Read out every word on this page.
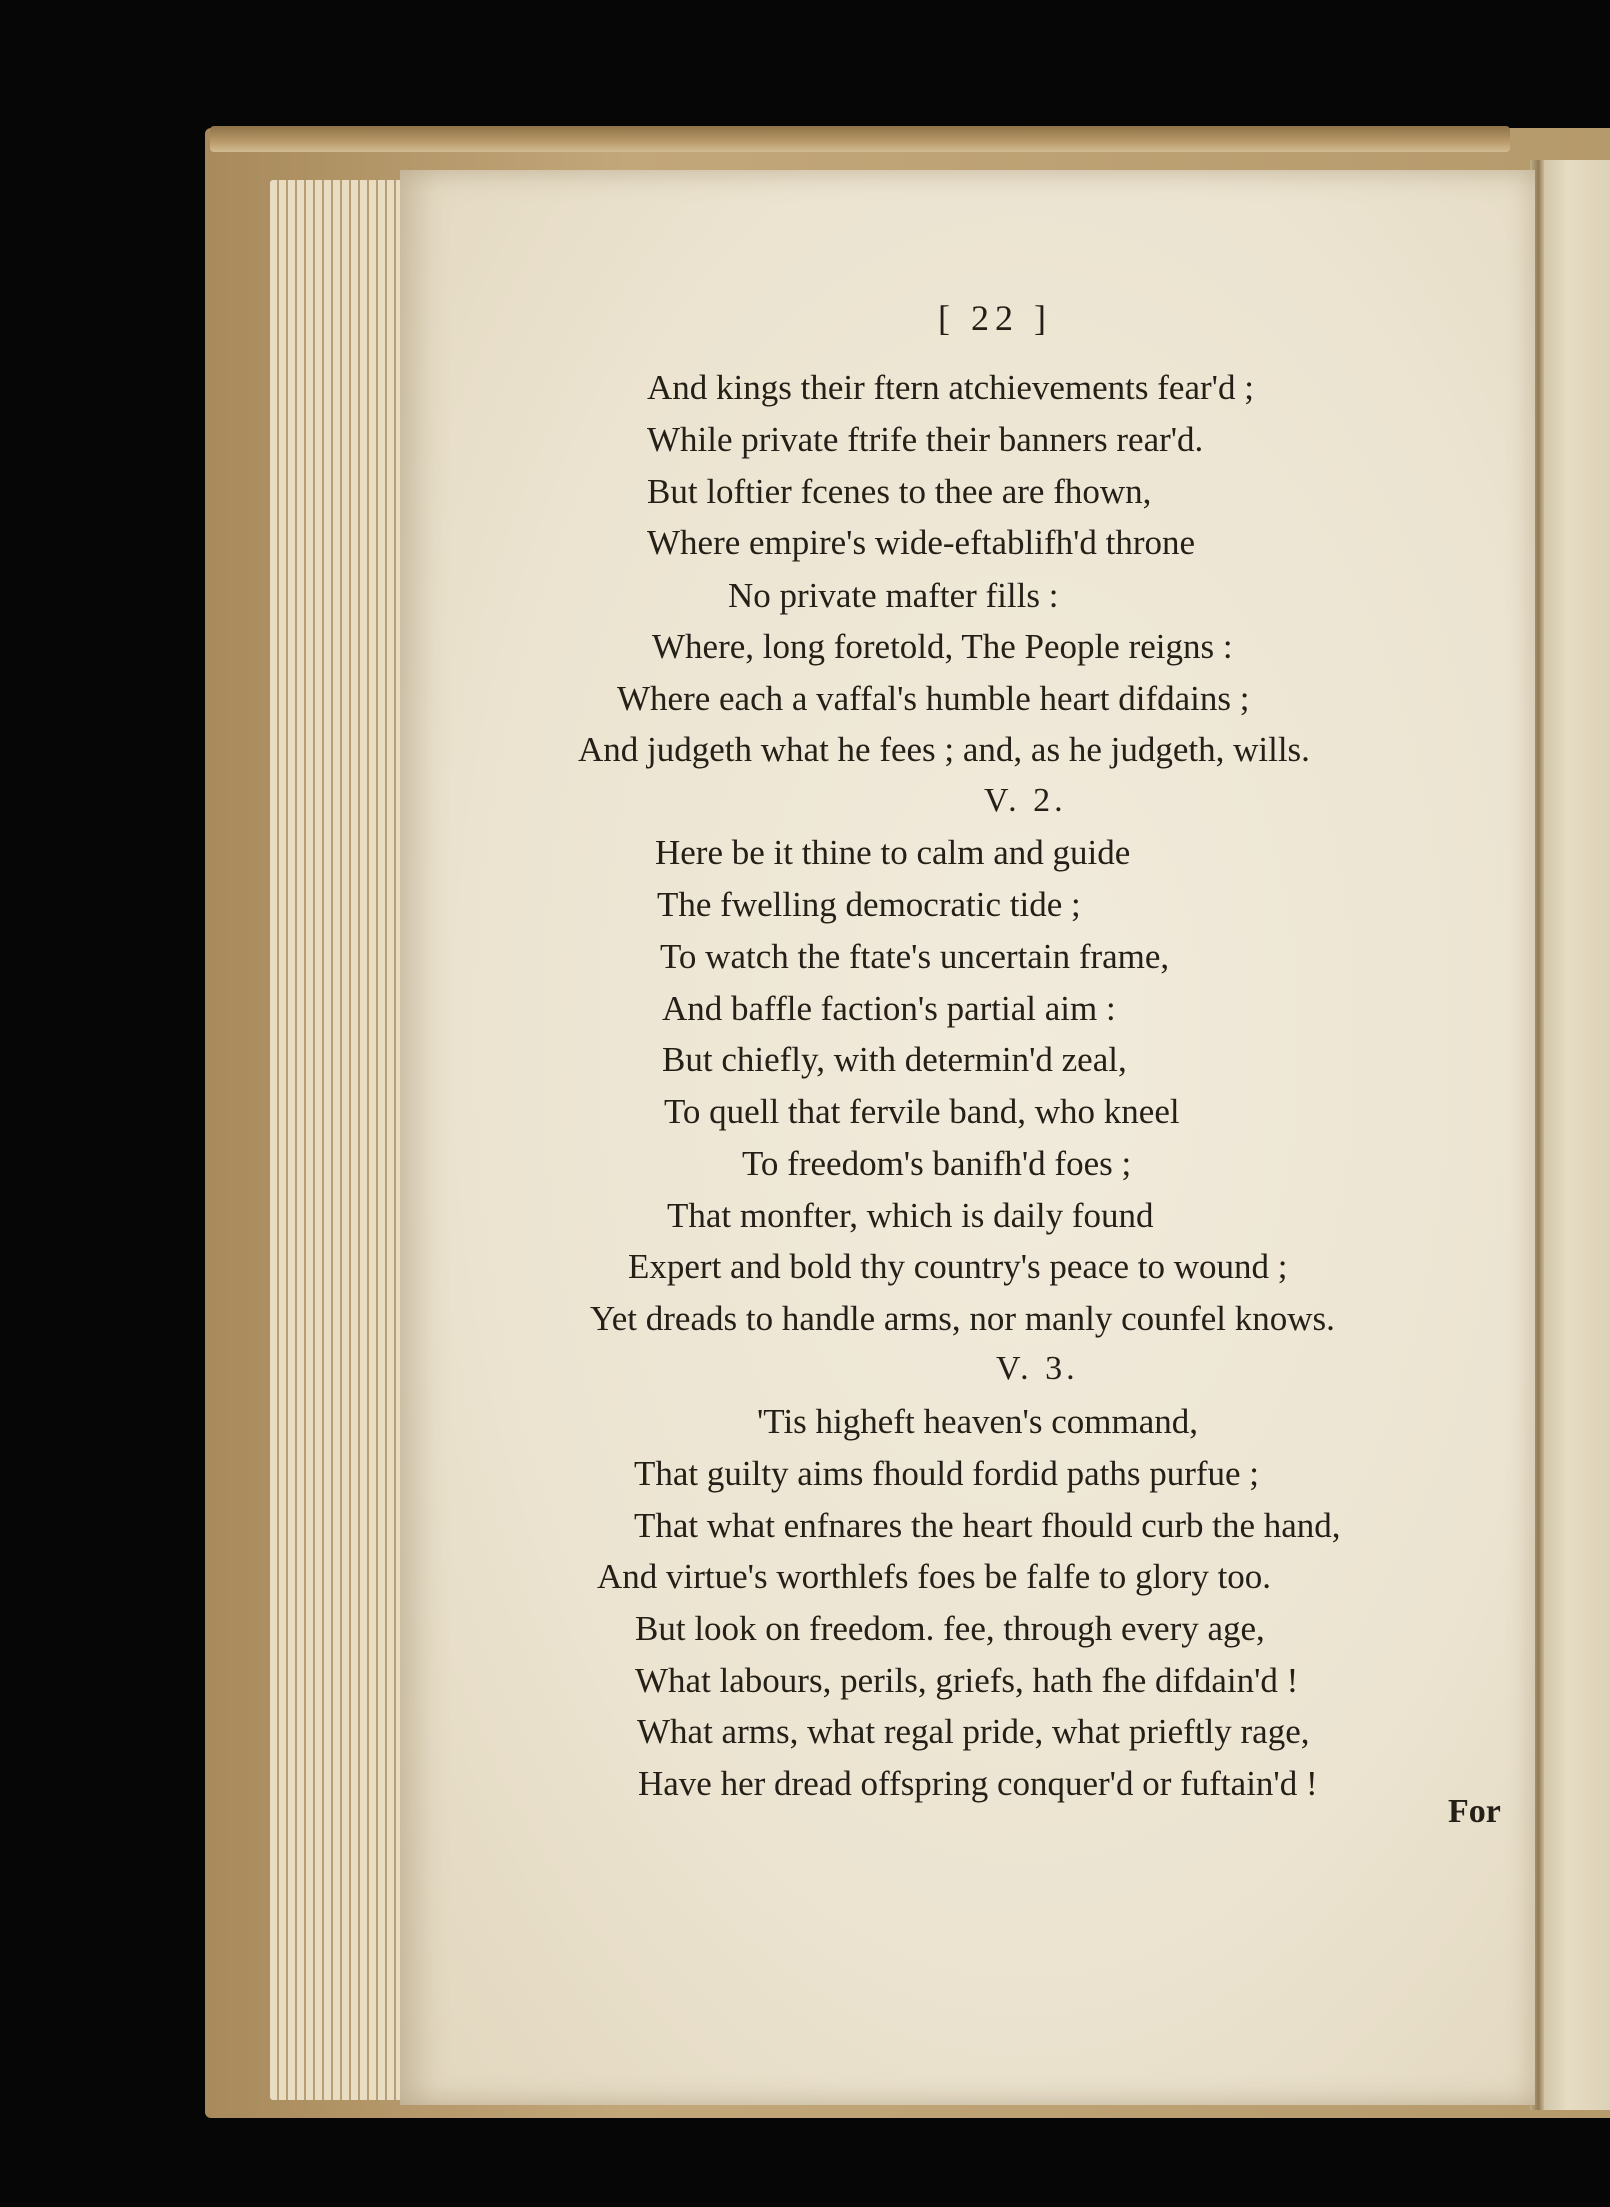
[ 22 ]
And kings their ftern atchievements fear'd ;
While private ftrife their banners rear'd.
But loftier fcenes to thee are fhown,
Where empire's wide-eftablifh'd throne
No private mafter fills :
Where, long foretold, The People reigns :
Where each a vaffal's humble heart difdains ;
And judgeth what he fees ; and, as he judgeth, wills.
V. 2.
Here be it thine to calm and guide
The fwelling democratic tide ;
To watch the ftate's uncertain frame,
And baffle faction's partial aim :
But chiefly, with determin'd zeal,
To quell that fervile band, who kneel
To freedom's banifh'd foes ;
That monfter, which is daily found
Expert and bold thy country's peace to wound ;
Yet dreads to handle arms, nor manly counfel knows.
V. 3.
'Tis higheft heaven's command,
That guilty aims fhould fordid paths purfue ;
That what enfnares the heart fhould curb the hand,
And virtue's worthlefs foes be falfe to glory too.
But look on freedom. fee, through every age,
What labours, perils, griefs, hath fhe difdain'd !
What arms, what regal pride, what prieftly rage,
Have her dread offspring conquer'd or fuftain'd !
For
